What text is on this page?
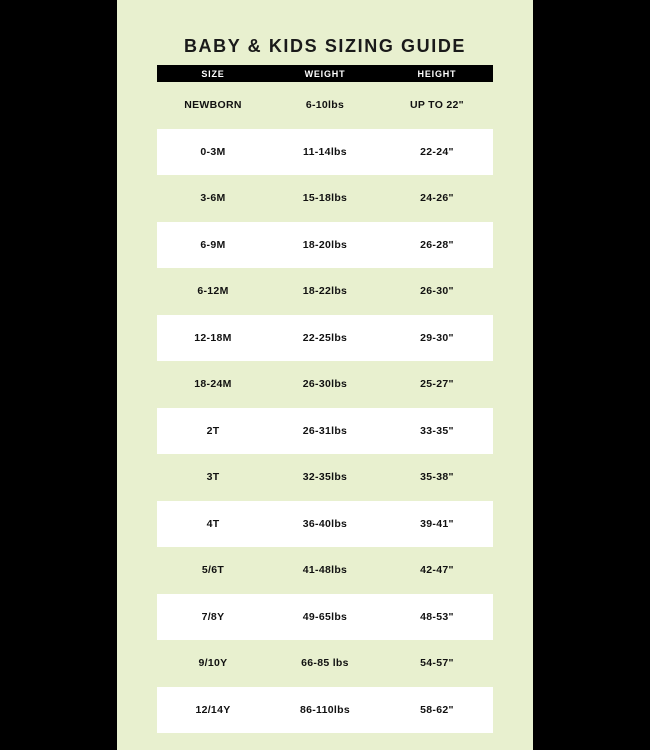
BABY & KIDS SIZING GUIDE
SIZE	WEIGHT	HEIGHT
NEWBORN	6-10lbs	UP TO 22"
0-3M	11-14lbs	22-24"
3-6M	15-18lbs	24-26"
6-9M	18-20lbs	26-28"
6-12M	18-22lbs	26-30"
12-18M	22-25lbs	29-30"
18-24M	26-30lbs	25-27"
2T	26-31lbs	33-35"
3T	32-35lbs	35-38"
4T	36-40lbs	39-41"
5/6T	41-48lbs	42-47"
7/8Y	49-65lbs	48-53"
9/10Y	66-85 lbs	54-57"
12/14Y	86-110lbs	58-62"
